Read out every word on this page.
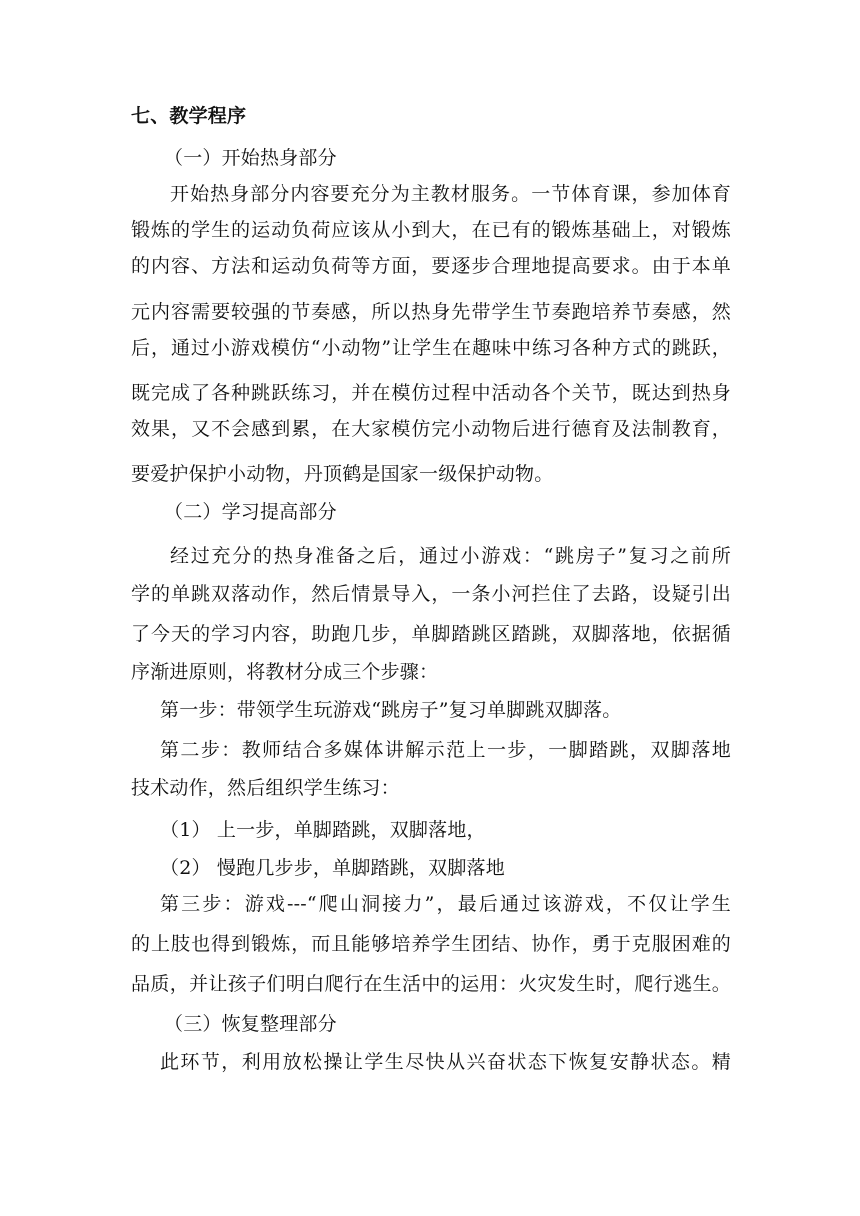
七、教学程序
（一）开始热身部分
开始热身部分内容要充分为主教材服务。一节体育课，参加体育
锻炼的学生的运动负荷应该从小到大，在已有的锻炼基础上，对锻炼
的内容、方法和运动负荷等方面，要逐步合理地提高要求。由于本单
元内容需要较强的节奏感，所以热身先带学生节奏跑培养节奏感，然
后，通过小游戏模仿“小动物”让学生在趣味中练习各种方式的跳跃，
既完成了各种跳跃练习，并在模仿过程中活动各个关节，既达到热身
效果，又不会感到累，在大家模仿完小动物后进行德育及法制教育，
要爱护保护小动物，丹顶鹤是国家一级保护动物。
（二）学习提高部分
经过充分的热身准备之后，通过小游戏：“跳房子”复习之前所
学的单跳双落动作，然后情景导入，一条小河拦住了去路，设疑引出
了今天的学习内容，助跑几步，单脚踏跳区踏跳，双脚落地，依据循
序渐进原则，将教材分成三个步骤：
第一步：带领学生玩游戏“跳房子”复习单脚跳双脚落。
第二步：教师结合多媒体讲解示范上一步，一脚踏跳，双脚落地
技术动作，然后组织学生练习：
（1） 上一步，单脚踏跳，双脚落地，
（2） 慢跑几步步，单脚踏跳，双脚落地
第三步：游戏---“爬山洞接力”，最后通过该游戏，不仅让学生
的上肢也得到锻炼，而且能够培养学生团结、协作，勇于克服困难的
品质，并让孩子们明白爬行在生活中的运用：火灾发生时，爬行逃生。
（三）恢复整理部分
此环节，利用放松操让学生尽快从兴奋状态下恢复安静状态。精
